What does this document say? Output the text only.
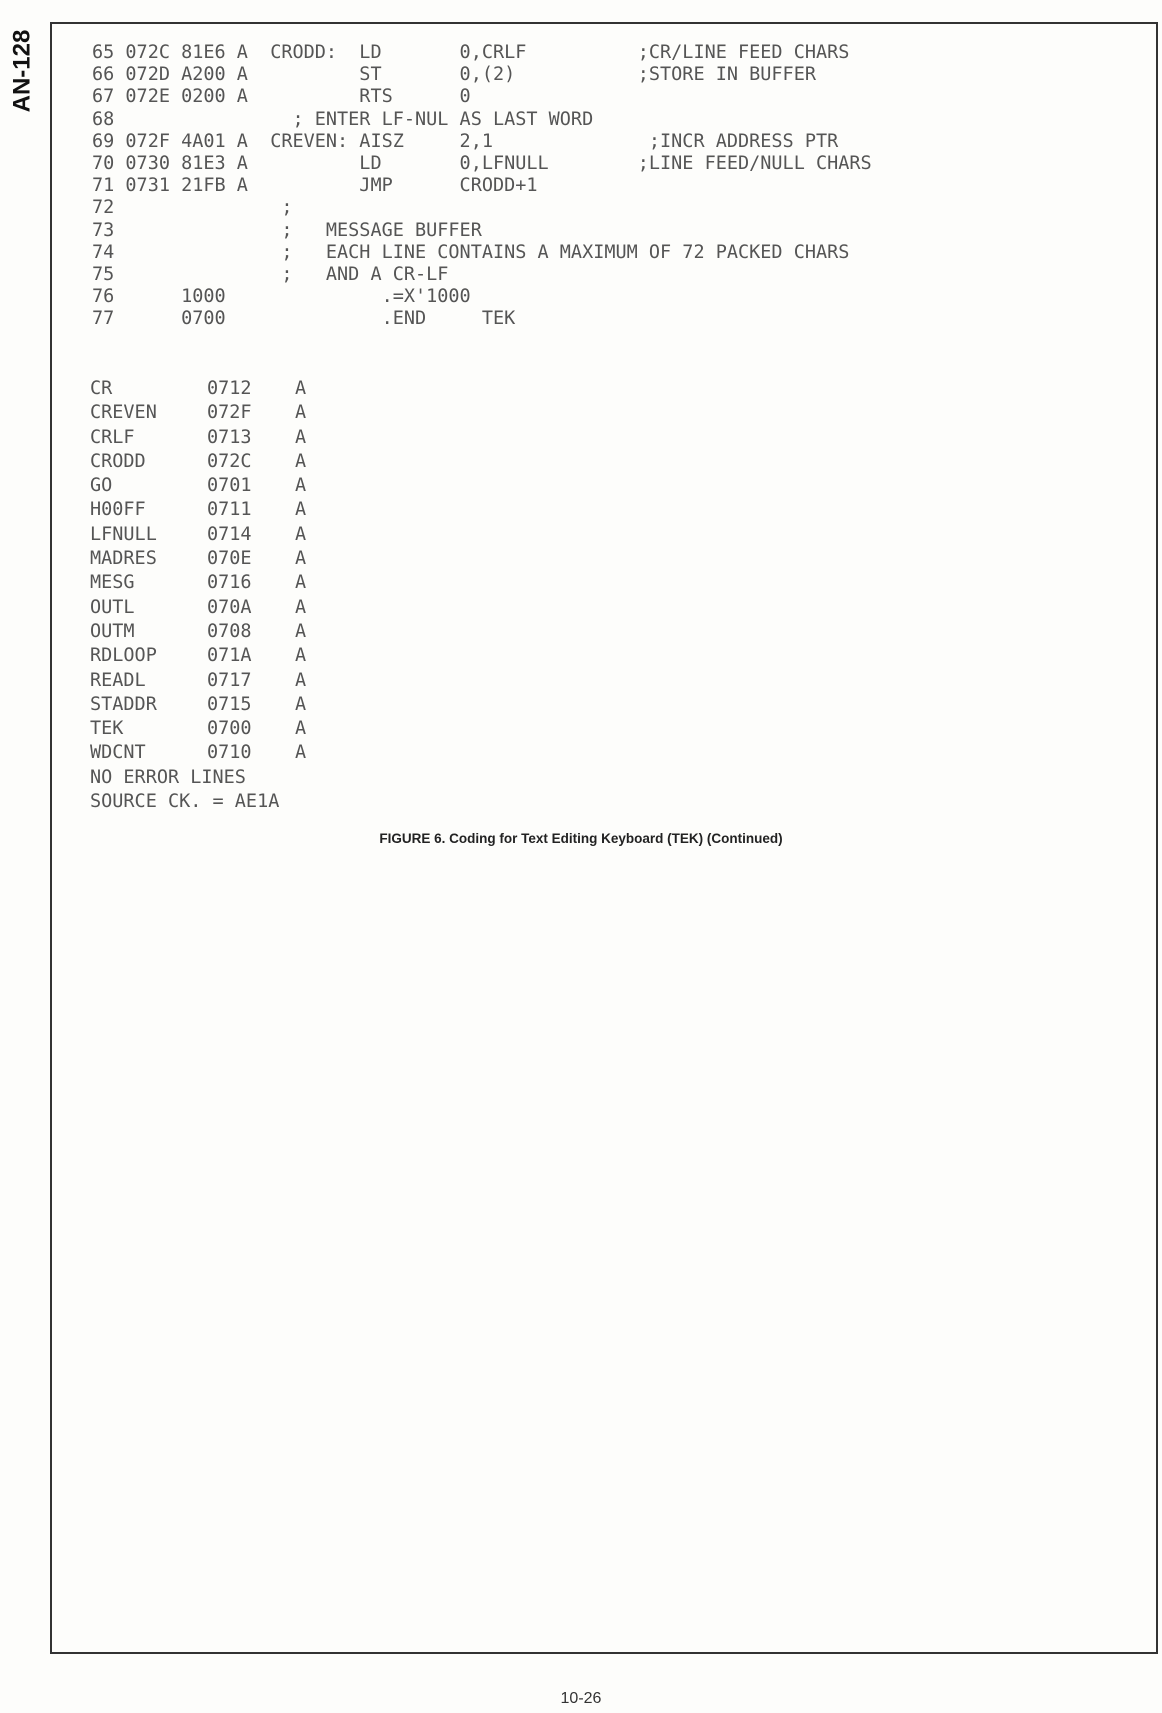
AN-128	65 072C 81E6 A  CRODD:  LD       0,CRLF          ;CR/LINE FEED CHARS
66 072D A200 A          ST       0,(2)           ;STORE IN BUFFER
67 072E 0200 A          RTS      0
68                ; ENTER LF-NUL AS LAST WORD
69 072F 4A01 A  CREVEN: AISZ     2,1              ;INCR ADDRESS PTR
70 0730 81E3 A          LD       0,LFNULL        ;LINE FEED/NULL CHARS
71 0731 21FB A          JMP      CRODD+1
72               ;
73               ;   MESSAGE BUFFER
74               ;   EACH LINE CONTAINS A MAXIMUM OF 72 PACKED CHARS
75               ;   AND A CR-LF
76      1000              .=X'1000
77      0700              .END     TEK
CR	0712 A
CREVEN	072F A
CRLF	0713 A
CRODD	072C A
GO	0701 A
H00FF	0711 A
LFNULL	0714 A
MADRES	070E A
MESG	0716 A
OUTL	070A A
OUTM	0708 A
RDLOOP	071A A
READL	0717 A
STADDR	0715 A
TEK	0700 A
WDCNT	0710 A
NO ERROR LINES
SOURCE CK. = AE1A
FIGURE 6. Coding for Text Editing Keyboard (TEK) (Continued)
10-26
